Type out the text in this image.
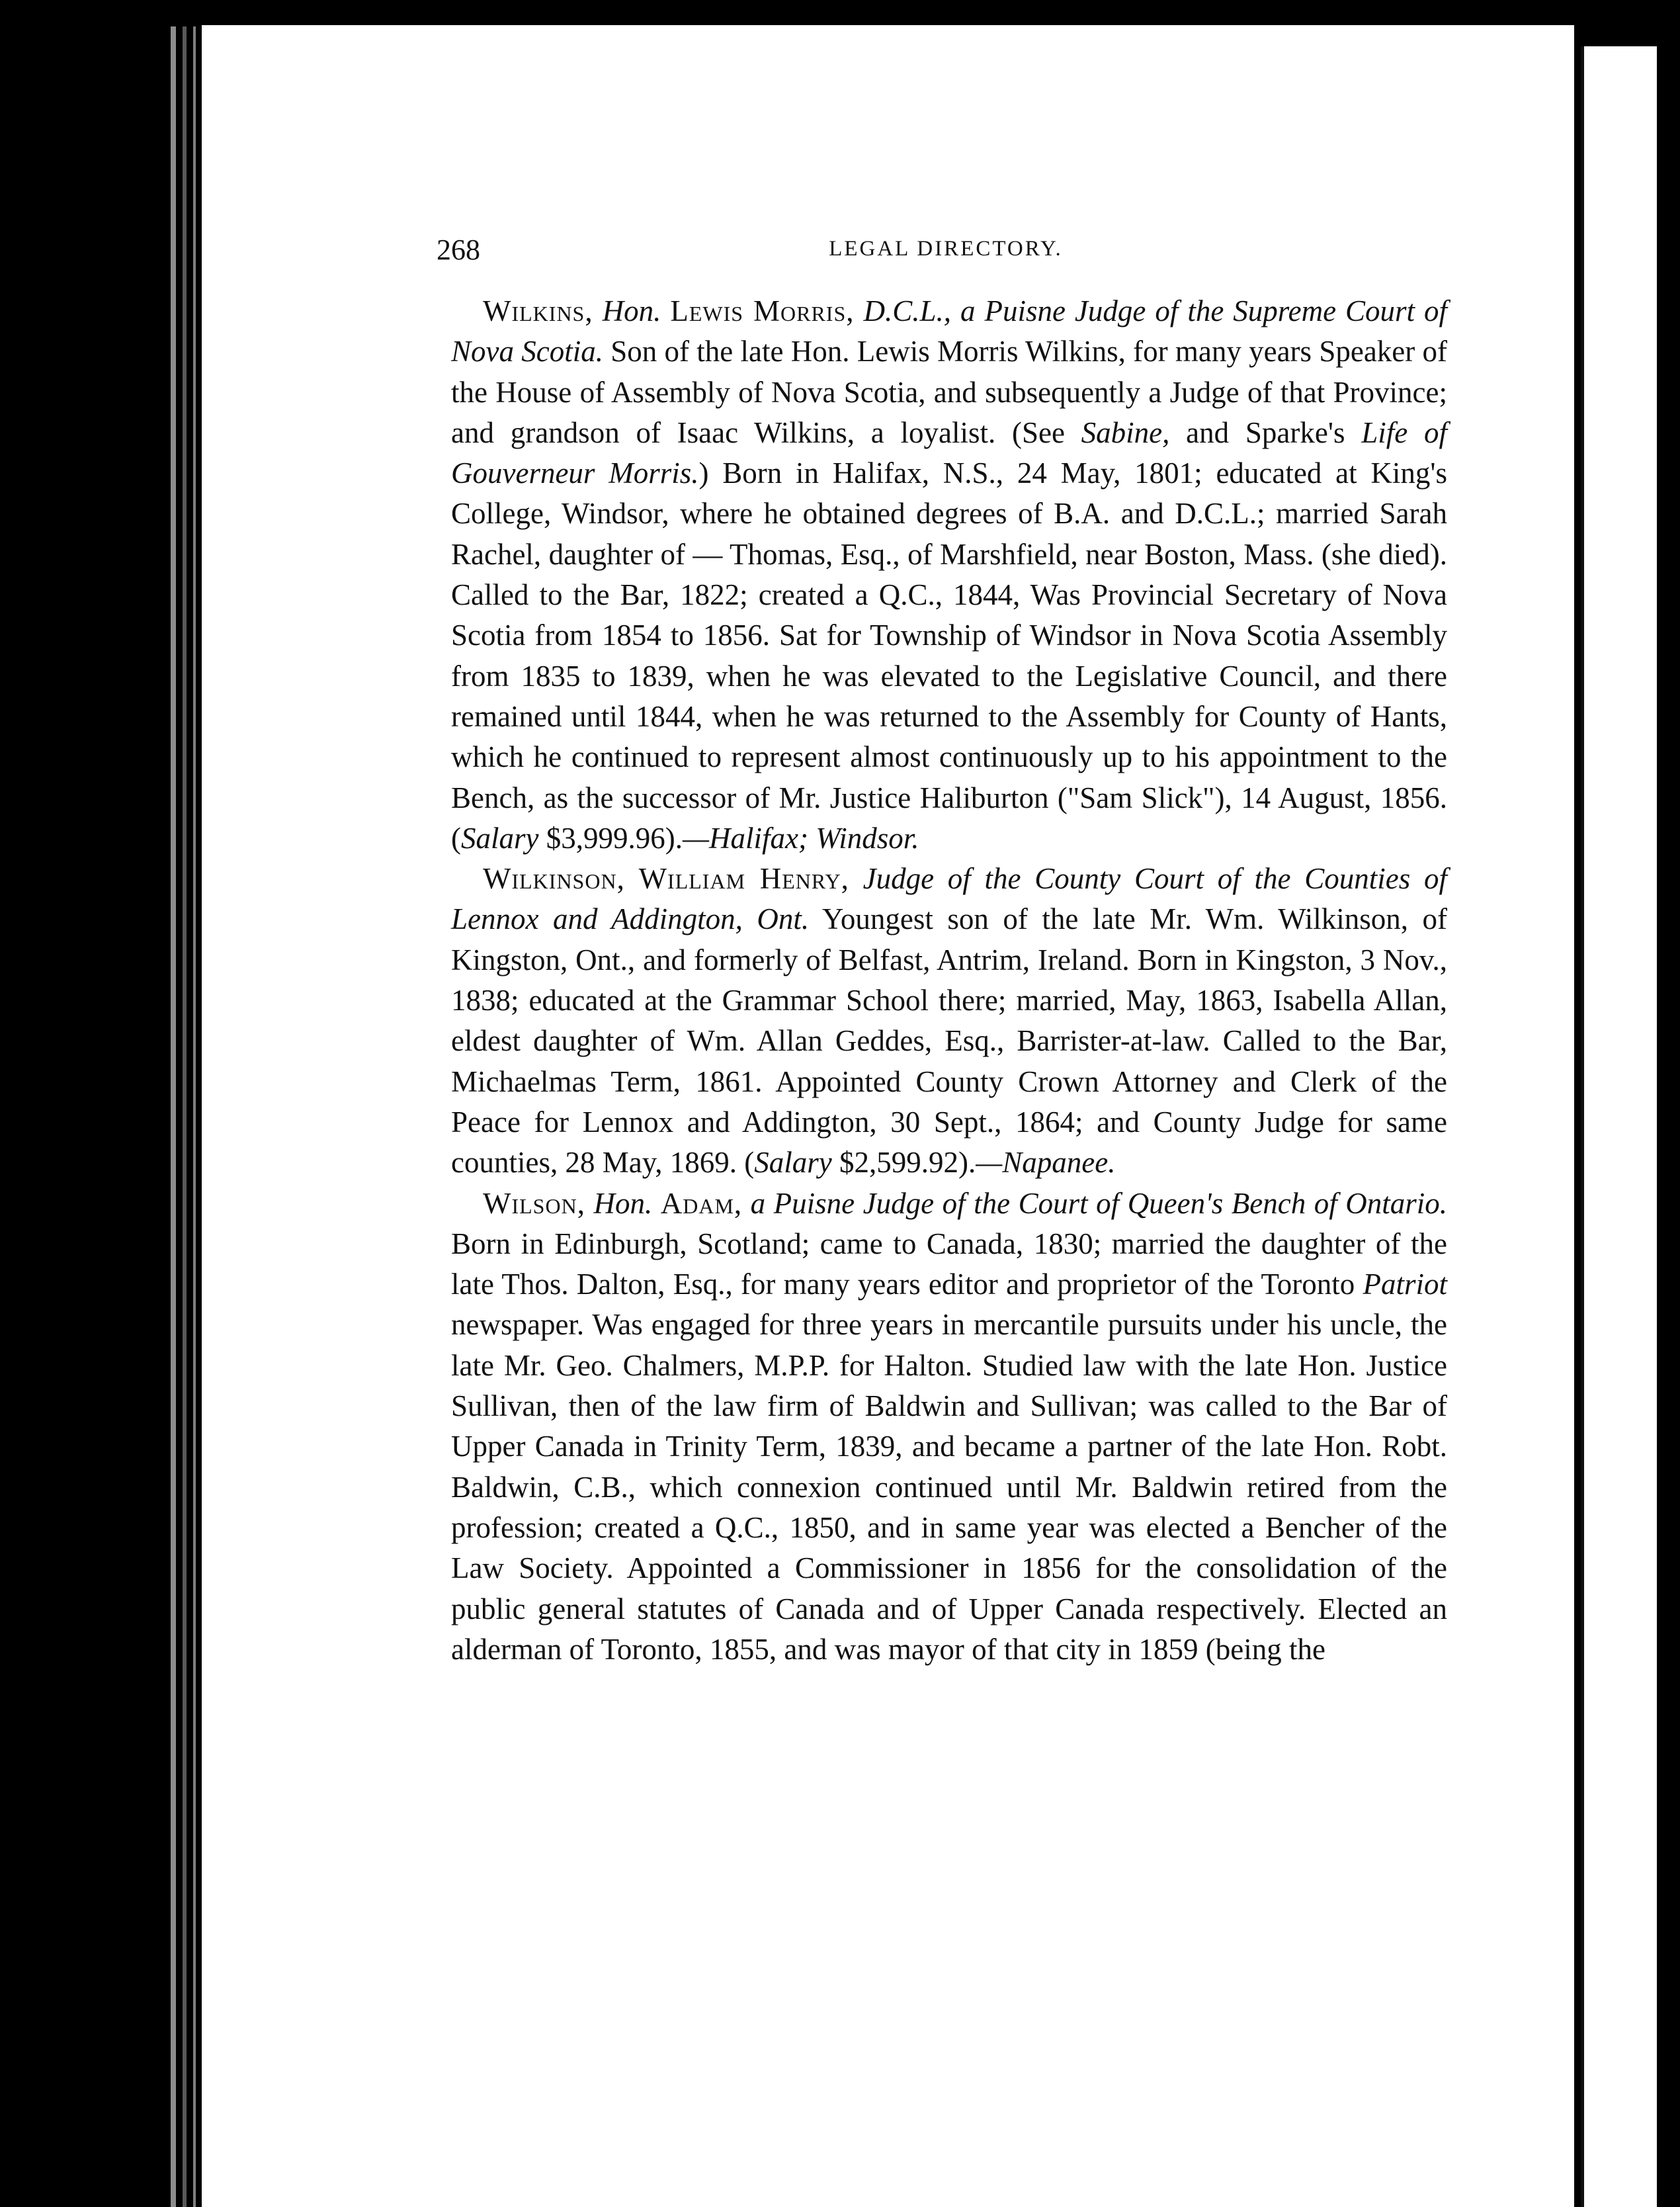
268	LEGAL DIRECTORY.

Wilkins, Hon. Lewis Morris, D.C.L., a Puisne Judge of the Supreme Court of Nova Scotia. Son of the late Hon. Lewis Morris Wilkins, for many years Speaker of the House of Assembly of Nova Scotia, and subsequently a Judge of that Province; and grandson of Isaac Wilkins, a loyalist. (See Sabine, and Sparke's Life of Gouverneur Morris.) Born in Halifax, N.S., 24 May, 1801; educated at King's College, Windsor, where he obtained degrees of B.A. and D.C.L.; married Sarah Rachel, daughter of — Thomas, Esq., of Marshfield, near Boston, Mass. (she died). Called to the Bar, 1822; created a Q.C., 1844, Was Provincial Secretary of Nova Scotia from 1854 to 1856. Sat for Township of Windsor in Nova Scotia Assembly from 1835 to 1839, when he was elevated to the Legislative Council, and there remained until 1844, when he was returned to the Assembly for County of Hants, which he continued to represent almost continuously up to his appointment to the Bench, as the successor of Mr. Justice Haliburton ("Sam Slick"), 14 August, 1856. (Salary $3,999.96).—Halifax; Windsor.

Wilkinson, William Henry, Judge of the County Court of the Counties of Lennox and Addington, Ont. Youngest son of the late Mr. Wm. Wilkinson, of Kingston, Ont., and formerly of Belfast, Antrim, Ireland. Born in Kingston, 3 Nov., 1838; educated at the Grammar School there; married, May, 1863, Isabella Allan, eldest daughter of Wm. Allan Geddes, Esq., Barrister-at-law. Called to the Bar, Michaelmas Term, 1861. Appointed County Crown Attorney and Clerk of the Peace for Lennox and Addington, 30 Sept., 1864; and County Judge for same counties, 28 May, 1869. (Salary $2,599.92).—Napanee.

Wilson, Hon. Adam, a Puisne Judge of the Court of Queen's Bench of Ontario. Born in Edinburgh, Scotland; came to Canada, 1830; married the daughter of the late Thos. Dalton, Esq., for many years editor and proprietor of the Toronto Patriot newspaper. Was engaged for three years in mercantile pursuits under his uncle, the late Mr. Geo. Chalmers, M.P.P. for Halton. Studied law with the late Hon. Justice Sullivan, then of the law firm of Baldwin and Sullivan; was called to the Bar of Upper Canada in Trinity Term, 1839, and became a partner of the late Hon. Robt. Baldwin, C.B., which connexion continued until Mr. Baldwin retired from the profession; created a Q.C., 1850, and in same year was elected a Bencher of the Law Society. Appointed a Commissioner in 1856 for the consolidation of the public general statutes of Canada and of Upper Canada respectively. Elected an alderman of Toronto, 1855, and was mayor of that city in 1859 (being the
